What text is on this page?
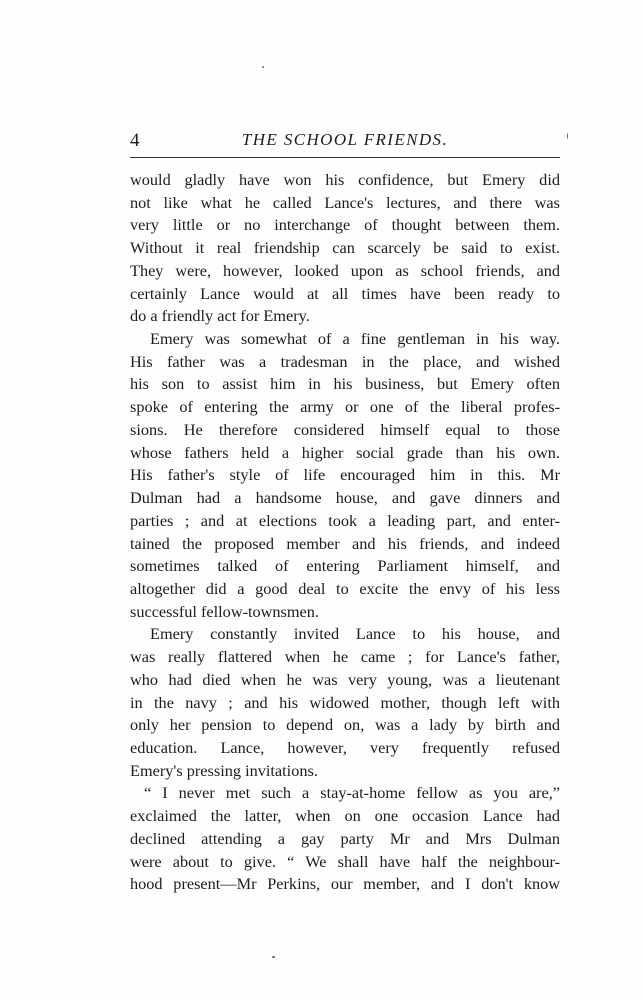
4	THE SCHOOL FRIENDS.
would gladly have won his confidence, but Emery did
not like what he called Lance's lectures, and there was
very little or no interchange of thought between them.
Without it real friendship can scarcely be said to exist.
They were, however, looked upon as school friends, and
certainly Lance would at all times have been ready to
do a friendly act for Emery.
Emery was somewhat of a fine gentleman in his way.
His father was a tradesman in the place, and wished
his son to assist him in his business, but Emery often
spoke of entering the army or one of the liberal profes-
sions. He therefore considered himself equal to those
whose fathers held a higher social grade than his own.
His father's style of life encouraged him in this. Mr
Dulman had a handsome house, and gave dinners and
parties ; and at elections took a leading part, and enter-
tained the proposed member and his friends, and indeed
sometimes talked of entering Parliament himself, and
altogether did a good deal to excite the envy of his less
successful fellow-townsmen.
Emery constantly invited Lance to his house, and
was really flattered when he came ; for Lance's father,
who had died when he was very young, was a lieutenant
in the navy ; and his widowed mother, though left with
only her pension to depend on, was a lady by birth and
education. Lance, however, very frequently refused
Emery's pressing invitations.
“ I never met such a stay-at-home fellow as you are,”
exclaimed the latter, when on one occasion Lance had
declined attending a gay party Mr and Mrs Dulman
were about to give. “ We shall have half the neighbour-
hood present—Mr Perkins, our member, and I don't know
